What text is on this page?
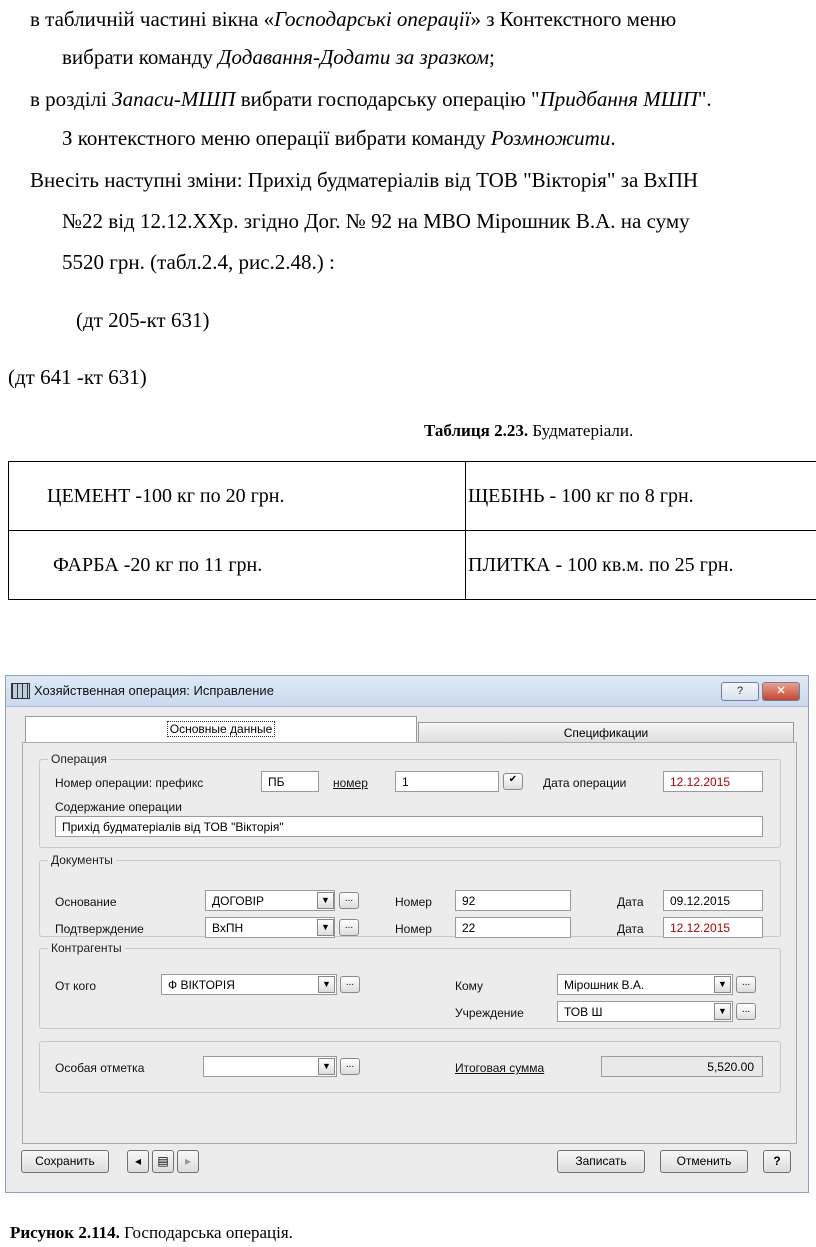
в табличній частині вікна «Господарські операції» з Контекстного меню
вибрати команду Додавання-Додати за зразком;
в розділі Запаси-МШП вибрати господарську операцію "Придбання МШП".
З контекстного меню операції вибрати команду Розмножити.
Внесіть наступні зміни: Прихід будматеріалів від ТОВ "Вікторія" за ВхПН
№22 від 12.12.ХХр. згідно Дог. № 92 на МВО Мірошник В.А. на суму
5520 грн. (табл.2.4, рис.2.48.) :
(дт 205-кт 631)
(дт 641 -кт 631)
Таблиця 2.23. Будматеріали.
ЦЕМЕНТ -100 кг по 20 грн.	ЩЕБІНЬ - 100 кг по 8 грн.
ФАРБА -20 кг по 11 грн.	ПЛИТКА - 100 кв.м. по 25 грн.
Хозяйственная операция: Исправление	?	✕
Основные данные	Спецификации
Операция
Номер операции: префикс	ПБ	номер	1	✔	Дата операции	12.12.2015
Содержание операции
Прихід будматеріалів від ТОВ "Вікторія"
Документы
Основание	ДОГОВІР	▼	...	Номер	92	Дата	09.12.2015
Подтверждение	ВхПН	▼	...	Номер	22	Дата	12.12.2015
Контрагенты
От кого	Ф ВІКТОРІЯ	▼	...	Кому	Мірошник В.А.	▼	...
Учреждение	ТОВ Ш	▼	...
Особая отметка	▼	...	Итоговая сумма	5,520.00
Сохранить	◂	▤	▸	Записать	Отменить	?
Рисунок 2.114. Господарська операція.
